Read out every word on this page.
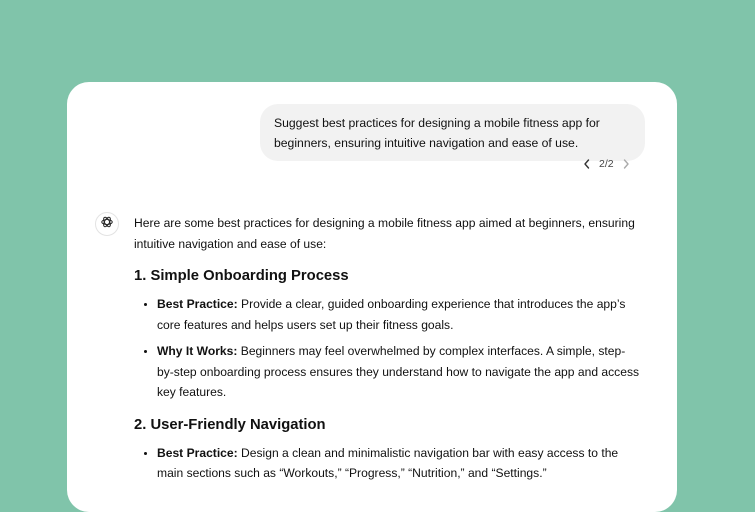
Suggest best practices for designing a mobile fitness app for beginners, ensuring intuitive navigation and ease of use.
2/2

Here are some best practices for designing a mobile fitness app aimed at beginners, ensuring intuitive navigation and ease of use:

1. Simple Onboarding Process
• Best Practice: Provide a clear, guided onboarding experience that introduces the app’s core features and helps users set up their fitness goals.
• Why It Works: Beginners may feel overwhelmed by complex interfaces. A simple, step-by-step onboarding process ensures they understand how to navigate the app and access key features.
2. User-Friendly Navigation
• Best Practice: Design a clean and minimalistic navigation bar with easy access to the main sections such as “Workouts,” “Progress,” “Nutrition,” and “Settings.”
